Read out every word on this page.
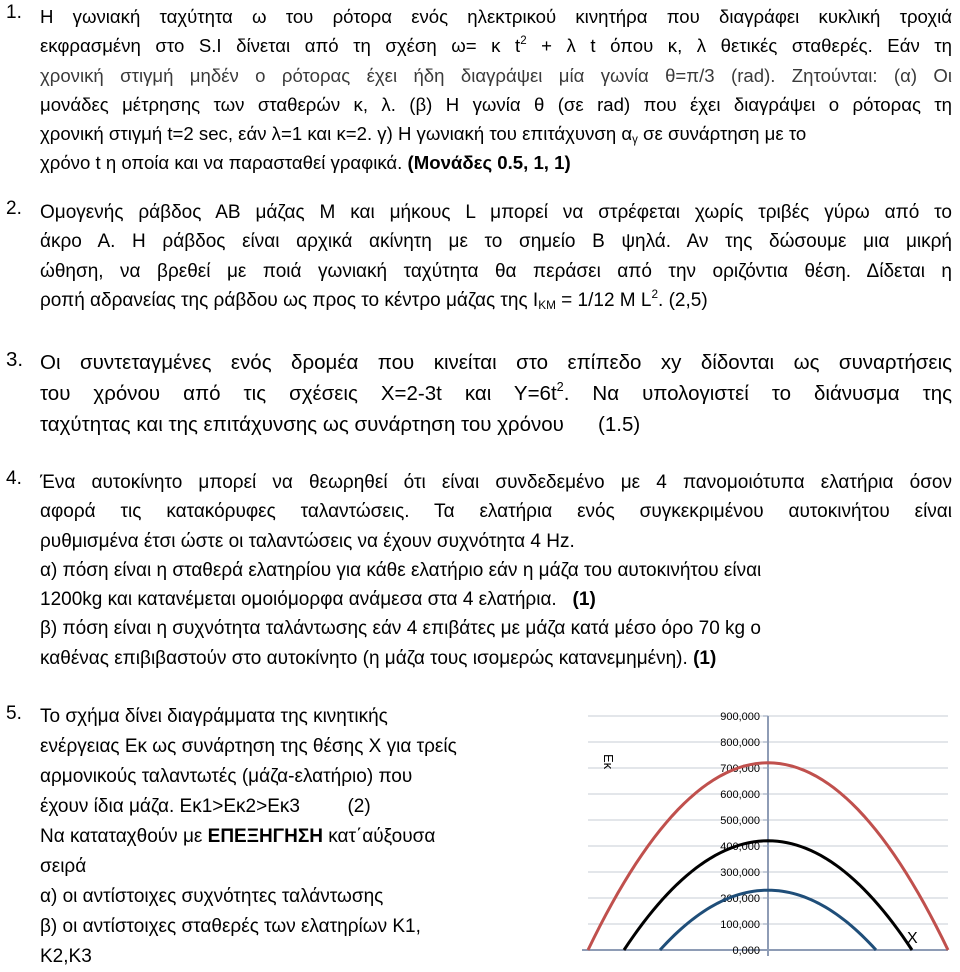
1. Η γωνιακή ταχύτητα ω του ρότορα ενός ηλεκτρικού κινητήρα που διαγράφει κυκλική τροχιά

εκφρασμένη στο S.I δίνεται από τη σχέση ω= κ $t^2 + \lambda$ t όπου κ, λ θετικές σταθερές. Εάν τη

χρονική στιγμή μηδέν ο ρότορας έχει ήδη διαγράψει μία γωνία θ=π/3 (rad). Ζητούνται: (α) Οι

μονάδες μέτρησης των σταθερών κ, λ. (β) Η γωνία θ (σε rad) που έχει διαγράψει ο ρότορας τη

χρονική στιγμή t=2 sec, εάν λ=1 και κ=2. γ) Η γωνιακή του επιτάχυνση $\alpha_\gamma$ σε συνάρτηση με το

χρόνο t η οποία και να παρασταθεί γραφικά. (Μονάδες 0.5, 1, 1)

2. Ομογενής ράβδος ΑΒ μάζας Μ και μήκους L μπορεί να στρέφεται χωρίς τριβές γύρω από το

άκρο Α. Η ράβδος είναι αρχικά ακίνητη με το σημείο Β ψηλά. Αν της δώσουμε μια μικρή

ώθηση, να βρεθεί με ποιά γωνιακή ταχύτητα θα περάσει από την οριζόντια θέση. Δίδεται η

ροπή αδρανείας της ράβδου ως προς το κέντρο μάζας της $I_{KM} = 1/12$ M $L^2$. (2,5)

3. Οι συντεταγμένες ενός δρομέα που κινείται στο επίπεδο xy δίδονται ως συναρτήσεις

του χρόνου από τις σχέσεις Χ=2-3t και $\Upsilon=6t^2$. Να υπολογιστεί το διάνυσμα της

ταχύτητας και της επιτάχυνσης ως συνάρτηση του χρόνου      (1.5)

4. Ένα αυτοκίνητο μπορεί να θεωρηθεί ότι είναι συνδεδεμένο με 4 πανομοιότυπα ελατήρια όσον

αφορά τις κατακόρυφες ταλαντώσεις. Τα ελατήρια ενός συγκεκριμένου αυτοκινήτου είναι

ρυθμισμένα έτσι ώστε οι ταλαντώσεις να έχουν συχνότητα 4 Hz.

α) πόση είναι η σταθερά ελατηρίου για κάθε ελατήριο εάν η μάζα του αυτοκινήτου είναι

1200kg και κατανέμεται ομοιόμορφα ανάμεσα στα 4 ελατήρια.   (1)

β) πόση είναι η συχνότητα ταλάντωσης εάν 4 επιβάτες με μάζα κατά μέσο όρο 70 kg ο

καθένας επιβιβαστούν στο αυτοκίνητο (η μάζα τους ισομερώς κατανεμημένη). (1)

5. Το σχήμα δίνει διαγράμματα της κινητικής

ενέργειας Εκ ως συνάρτηση της θέσης Χ για τρείς

αρμονικούς ταλαντωτές (μάζα-ελατήριο) που

έχουν ίδια μάζα. Εκ1>Εκ2>Εκ3         (2)

Να καταταχθούν με ΕΠΕΞΗΓΗΣΗ κατ΄αύξουσα

σειρά

α) οι αντίστοιχες συχνότητες ταλάντωσης

β) οι αντίστοιχες σταθερές των ελατηρίων Κ1,

Κ2,Κ3	0,000
100,000
200,000
300,000
400,000
500,000
600,000
700,000
800,000
900,000
Εκ
Χ
